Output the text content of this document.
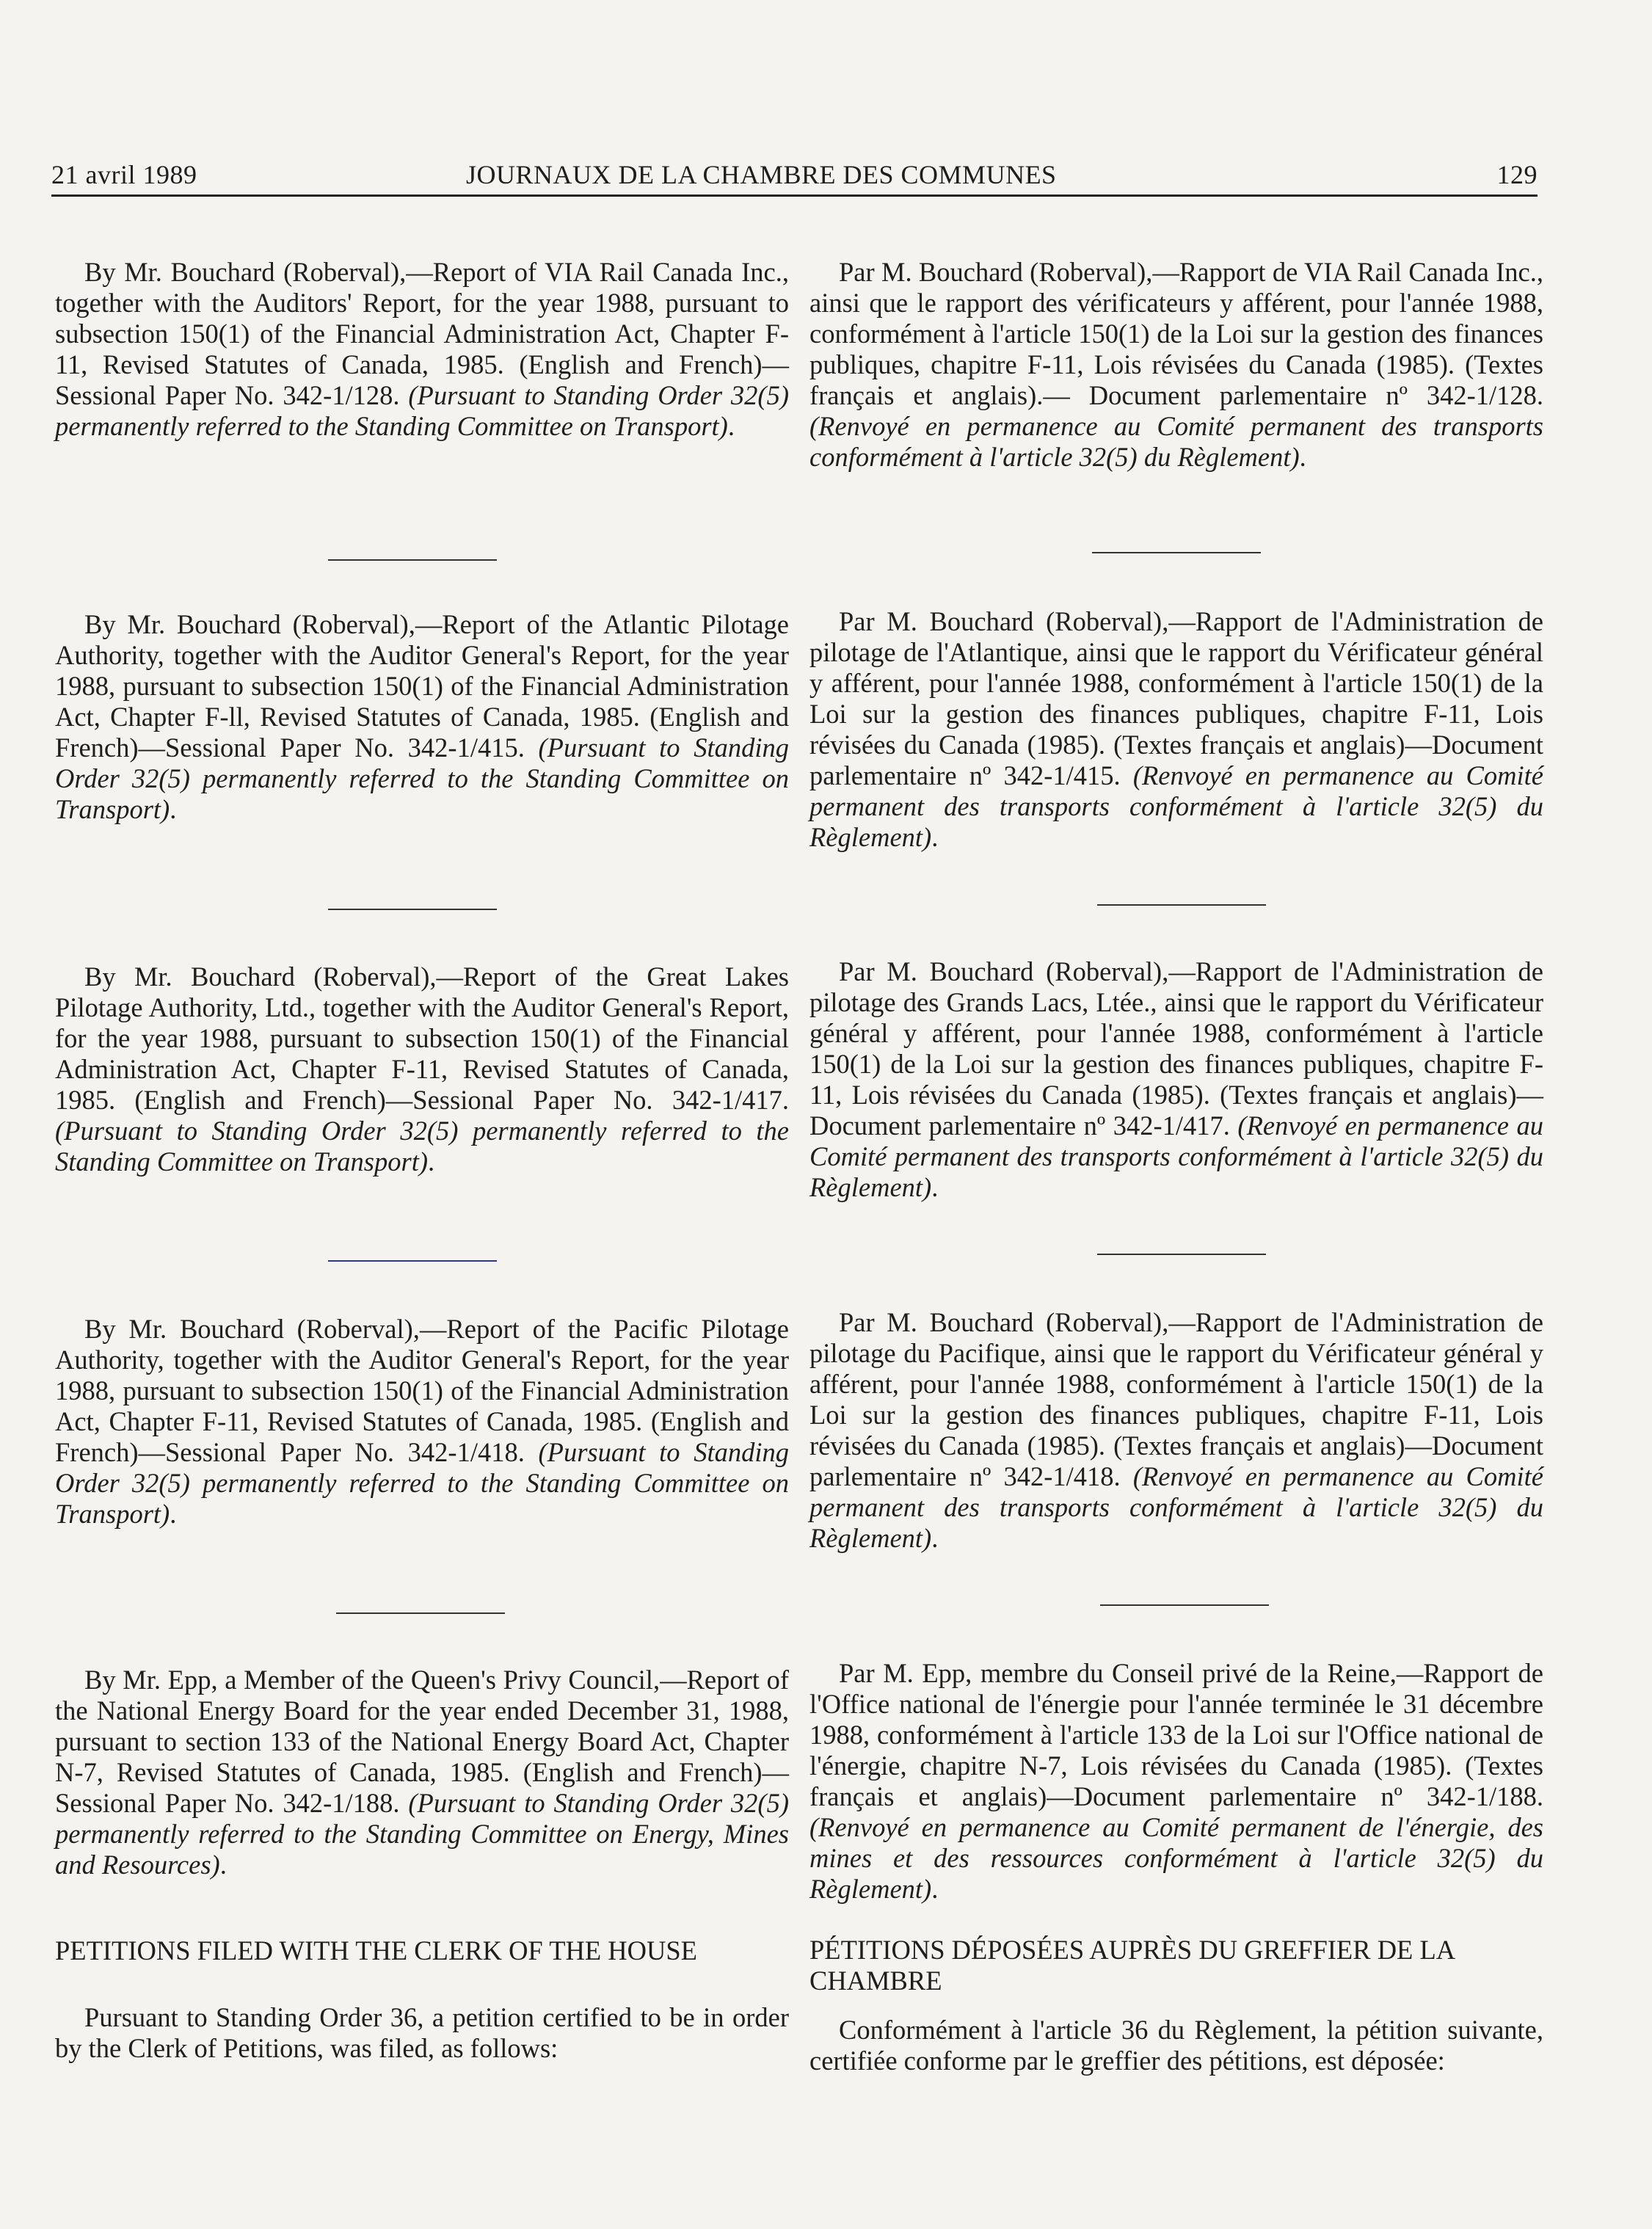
21 avril 1989	JOURNAUX DE LA CHAMBRE DES COMMUNES	129

By Mr. Bouchard (Roberval),—Report of VIA Rail Canada Inc., together with the Auditors' Report, for the year 1988, pursuant to subsection 150(1) of the Financial Administration Act, Chapter F-11, Revised Statutes of Canada, 1985. (English and French)—Sessional Paper No. 342-1/128. (Pursuant to Standing Order 32(5) permanently referred to the Standing Committee on Transport).

By Mr. Bouchard (Roberval),—Report of the Atlantic Pilotage Authority, together with the Auditor General's Report, for the year 1988, pursuant to subsection 150(1) of the Financial Administration Act, Chapter F-ll, Revised Statutes of Canada, 1985. (English and French)—Sessional Paper No. 342-1/415. (Pursuant to Standing Order 32(5) permanently referred to the Standing Committee on Transport).

By Mr. Bouchard (Roberval),—Report of the Great Lakes Pilotage Authority, Ltd., together with the Auditor General's Report, for the year 1988, pursuant to subsection 150(1) of the Financial Administration Act, Chapter F-11, Revised Statutes of Canada, 1985. (English and French)—Sessional Paper No. 342-1/417. (Pursuant to Standing Order 32(5) permanently referred to the Standing Committee on Transport).

By Mr. Bouchard (Roberval),—Report of the Pacific Pilotage Authority, together with the Auditor General's Report, for the year 1988, pursuant to subsection 150(1) of the Financial Administration Act, Chapter F-11, Revised Statutes of Canada, 1985. (English and French)—Sessional Paper No. 342-1/418. (Pursuant to Standing Order 32(5) permanently referred to the Standing Committee on Transport).

By Mr. Epp, a Member of the Queen's Privy Council,—Report of the National Energy Board for the year ended December 31, 1988, pursuant to section 133 of the National Energy Board Act, Chapter N-7, Revised Statutes of Canada, 1985. (English and French)—Sessional Paper No. 342-1/188. (Pursuant to Standing Order 32(5) permanently referred to the Standing Committee on Energy, Mines and Resources).

PETITIONS FILED WITH THE CLERK OF THE HOUSE

Pursuant to Standing Order 36, a petition certified to be in order by the Clerk of Petitions, was filed, as follows:

Par M. Bouchard (Roberval),—Rapport de VIA Rail Canada Inc., ainsi que le rapport des vérificateurs y afférent, pour l'année 1988, conformément à l'article 150(1) de la Loi sur la gestion des finances publiques, chapitre F-11, Lois révisées du Canada (1985). (Textes français et anglais).— Document parlementaire nº 342-1/128. (Renvoyé en permanence au Comité permanent des transports conformément à l'article 32(5) du Règlement).

Par M. Bouchard (Roberval),—Rapport de l'Administration de pilotage de l'Atlantique, ainsi que le rapport du Vérificateur général y afférent, pour l'année 1988, conformément à l'article 150(1) de la Loi sur la gestion des finances publiques, chapitre F-11, Lois révisées du Canada (1985). (Textes français et anglais)—Document parlementaire nº 342-1/415. (Renvoyé en permanence au Comité permanent des transports conformément à l'article 32(5) du Règlement).

Par M. Bouchard (Roberval),—Rapport de l'Administration de pilotage des Grands Lacs, Ltée., ainsi que le rapport du Vérificateur général y afférent, pour l'année 1988, conformément à l'article 150(1) de la Loi sur la gestion des finances publiques, chapitre F-11, Lois révisées du Canada (1985). (Textes français et anglais)—Document parlementaire nº 342-1/417. (Renvoyé en permanence au Comité permanent des transports conformément à l'article 32(5) du Règlement).

Par M. Bouchard (Roberval),—Rapport de l'Administration de pilotage du Pacifique, ainsi que le rapport du Vérificateur général y afférent, pour l'année 1988, conformément à l'article 150(1) de la Loi sur la gestion des finances publiques, chapitre F-11, Lois révisées du Canada (1985). (Textes français et anglais)—Document parlementaire nº 342-1/418. (Renvoyé en permanence au Comité permanent des transports conformément à l'article 32(5) du Règlement).

Par M. Epp, membre du Conseil privé de la Reine,—Rapport de l'Office national de l'énergie pour l'année terminée le 31 décembre 1988, conformément à l'article 133 de la Loi sur l'Office national de l'énergie, chapitre N-7, Lois révisées du Canada (1985). (Textes français et anglais)—Document parlementaire nº 342-1/188. (Renvoyé en permanence au Comité permanent de l'énergie, des mines et des ressources conformément à l'article 32(5) du Règlement).

PÉTITIONS DÉPOSÉES AUPRÈS DU GREFFIER DE LA CHAMBRE

Conformément à l'article 36 du Règlement, la pétition suivante, certifiée conforme par le greffier des pétitions, est déposée:
